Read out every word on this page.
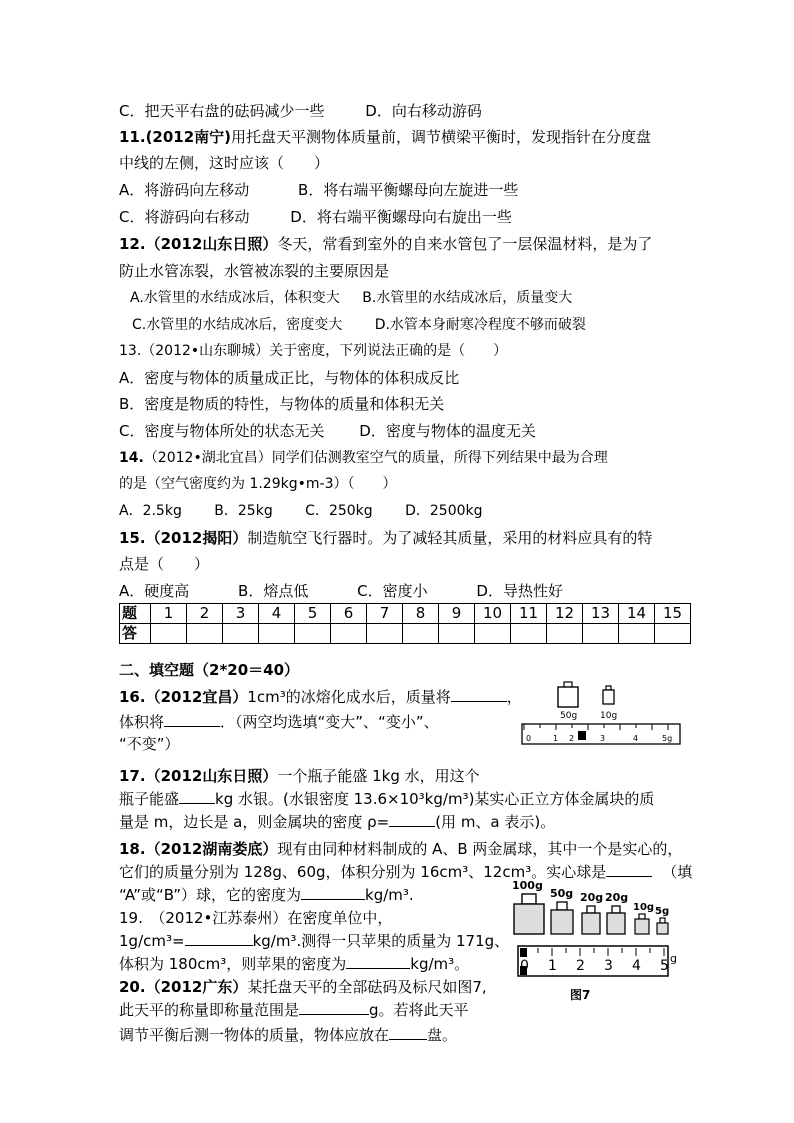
C．把天平右盘的砝码减少一些	D．向右移动游码
11.(2012南宁)用托盘天平测物体质量前，调节横梁平衡时，发现指针在分度盘
中线的左侧，这时应该（　　）
A．将游码向左移动	B．将右端平衡螺母向左旋进一些
C．将游码向右移动	D．将右端平衡螺母向右旋出一些
12.（2012山东日照）冬天，常看到室外的自来水管包了一层保温材料，是为了
防止水管冻裂，水管被冻裂的主要原因是
A.水管里的水结成冰后，体积变大 B.水管里的水结成冰后，质量变大
C.水管里的水结成冰后，密度变大 D.水管本身耐寒冷程度不够而破裂
13.（2012•山东聊城）关于密度，下列说法正确的是（　　）
A．密度与物体的质量成正比，与物体的体积成反比
B．密度是物质的特性，与物体的质量和体积无关
C．密度与物体所处的状态无关 D．密度与物体的温度无关
14.（2012•湖北宜昌）同学们估测教室空气的质量，所得下列结果中最为合理
的是（空气密度约为 1.29kg•m-3）（　　）
A．2.5kg B．25kg C．250kg D．2500kg
15.（2012揭阳）制造航空飞行器时。为了减轻其质量，采用的材料应具有的特
点是（　　）
A．硬度高	B．熔点低	C．密度小	D．导热性好
题	1	2	3	4	5	6	7	8	9	10	11	12	13	14	15
答															
二、填空题（2*20＝40）
16.（2012宜昌）1cm³的冰熔化成水后，质量将	，
体积将	．（两空均选填“变大”、“变小”、
“不变”）
50g	10g
0	1 2	3	4	5g
17.（2012山东日照）一个瓶子能盛 1kg 水，用这个
瓶子能盛 kg 水银。(水银密度 13.6×10³kg/m³)某实心正立方体金属块的质
量是 m，边长是 a，则金属块的密度 ρ=	(用 m、a 表示)。
18.（2012湖南娄底）现有由同种材料制成的 A、B 两金属球，其中一个是实心的，
它们的质量分别为 128g、60g，体积分别为 16cm³、12cm³。实心球是	（填
“A”或“B”）球，它的密度为	kg/m³.
19.　（2012•江苏泰州）在密度单位中，
1g/cm³=	kg/m³.测得一只苹果的质量为 171g、
体积为 180cm³，则苹果的密度为	kg/m³。
20.（2012广东）某托盘天平的全部砝码及标尺如图7,
此天平的称量即称量范围是	g。若将此天平
调节平衡后测一物体的质量，物体应放在	盘。
100g
50g 20g 20g
10g 5g
0 1 2 3 4 5 g
图7
